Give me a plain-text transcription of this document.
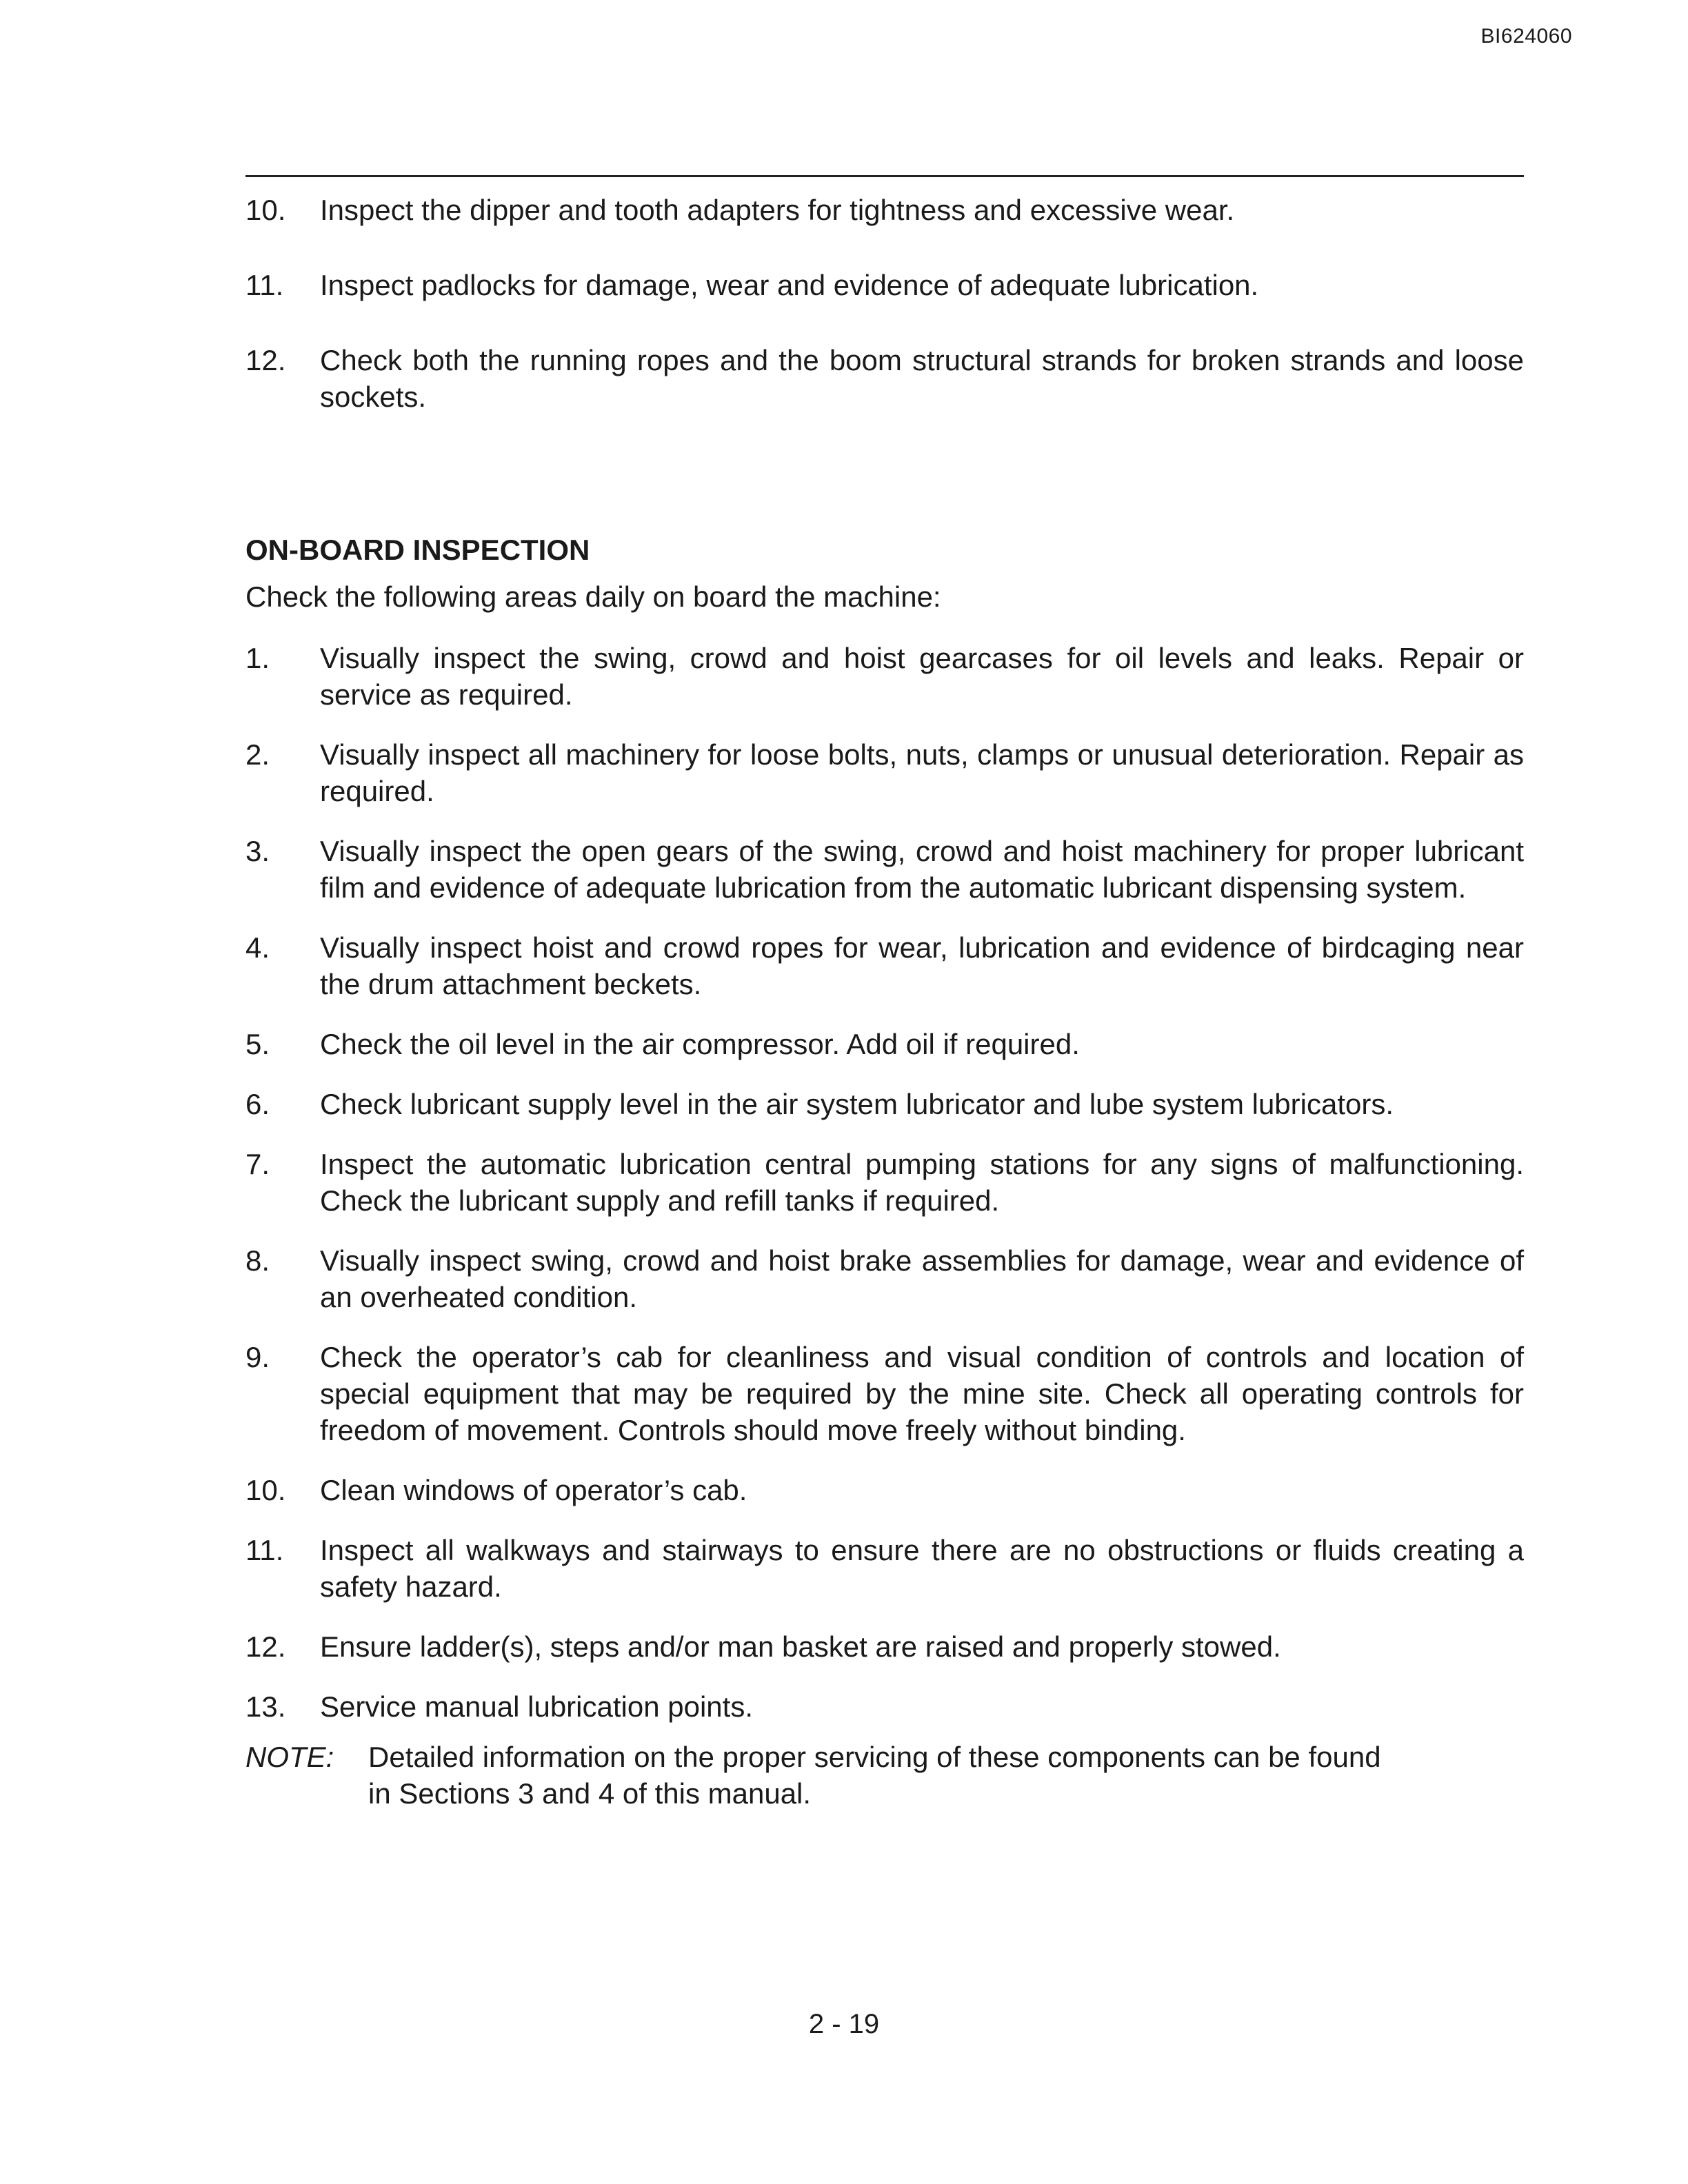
BI624060
10. Inspect the dipper and tooth adapters for tightness and excessive wear.
11. Inspect padlocks for damage, wear and evidence of adequate lubrication.
12. Check both the running ropes and the boom structural strands for broken strands and loose sockets.
ON-BOARD INSPECTION
Check the following areas daily on board the machine:
1. Visually inspect the swing, crowd and hoist gearcases for oil levels and leaks. Repair or service as required.
2. Visually inspect all machinery for loose bolts, nuts, clamps or unusual deterioration. Repair as required.
3. Visually inspect the open gears of the swing, crowd and hoist machinery for proper lubricant film and evidence of adequate lubrication from the automatic lubricant dispensing system.
4. Visually inspect hoist and crowd ropes for wear, lubrication and evidence of birdcaging near the drum attachment beckets.
5. Check the oil level in the air compressor. Add oil if required.
6. Check lubricant supply level in the air system lubricator and lube system lubricators.
7. Inspect the automatic lubrication central pumping stations for any signs of malfunctioning. Check the lubricant supply and refill tanks if required.
8. Visually inspect swing, crowd and hoist brake assemblies for damage, wear and evidence of an overheated condition.
9. Check the operator’s cab for cleanliness and visual condition of controls and location of special equipment that may be required by the mine site. Check all operating controls for freedom of movement. Controls should move freely without binding.
10. Clean windows of operator’s cab.
11. Inspect all walkways and stairways to ensure there are no obstructions or fluids creating a safety hazard.
12. Ensure ladder(s), steps and/or man basket are raised and properly stowed.
13. Service manual lubrication points.
NOTE:	Detailed information on the proper servicing of these components can be found in Sections 3 and 4 of this manual.
2 - 19
